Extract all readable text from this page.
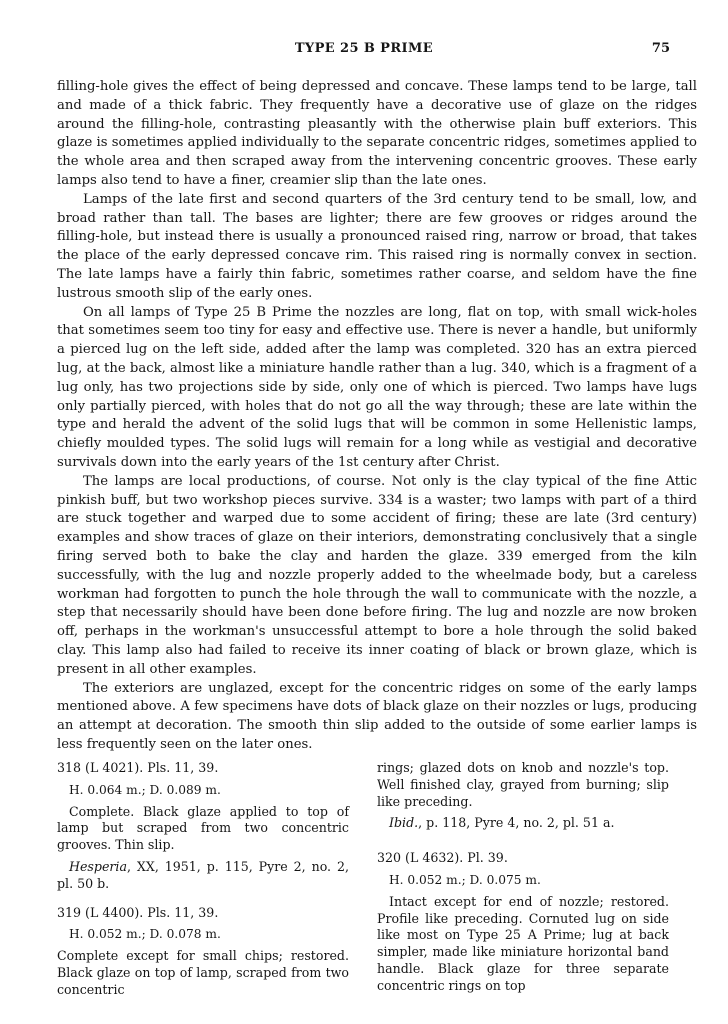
TYPE 25 B PRIME	75

filling-hole gives the effect of being depressed and concave. These lamps tend to be large, tall and made of a thick fabric. They frequently have a decorative use of glaze on the ridges around the filling-hole, contrasting pleasantly with the otherwise plain buff exteriors. This glaze is sometimes applied individually to the separate concentric ridges, sometimes applied to the whole area and then scraped away from the intervening concentric grooves. These early lamps also tend to have a finer, creamier slip than the late ones.

Lamps of the late first and second quarters of the 3rd century tend to be small, low, and broad rather than tall. The bases are lighter; there are few grooves or ridges around the filling-hole, but instead there is usually a pronounced raised ring, narrow or broad, that takes the place of the early depressed concave rim. This raised ring is normally convex in section. The late lamps have a fairly thin fabric, sometimes rather coarse, and seldom have the fine lustrous smooth slip of the early ones.

On all lamps of Type 25 B Prime the nozzles are long, flat on top, with small wick-holes that sometimes seem too tiny for easy and effective use. There is never a handle, but uniformly a pierced lug on the left side, added after the lamp was completed. 320 has an extra pierced lug, at the back, almost like a miniature handle rather than a lug. 340, which is a fragment of a lug only, has two projections side by side, only one of which is pierced. Two lamps have lugs only partially pierced, with holes that do not go all the way through; these are late within the type and herald the advent of the solid lugs that will be common in some Hellenistic lamps, chiefly moulded types. The solid lugs will remain for a long while as vestigial and decorative survivals down into the early years of the 1st century after Christ.

The lamps are local productions, of course. Not only is the clay typical of the fine Attic pinkish buff, but two workshop pieces survive. 334 is a waster; two lamps with part of a third are stuck together and warped due to some accident of firing; these are late (3rd century) examples and show traces of glaze on their interiors, demonstrating conclusively that a single firing served both to bake the clay and harden the glaze. 339 emerged from the kiln successfully, with the lug and nozzle properly added to the wheelmade body, but a careless workman had forgotten to punch the hole through the wall to communicate with the nozzle, a step that necessarily should have been done before firing. The lug and nozzle are now broken off, perhaps in the workman's unsuccessful attempt to bore a hole through the solid baked clay. This lamp also had failed to receive its inner coating of black or brown glaze, which is present in all other examples.

The exteriors are unglazed, except for the concentric ridges on some of the early lamps mentioned above. A few specimens have dots of black glaze on their nozzles or lugs, producing an attempt at decoration. The smooth thin slip added to the outside of some earlier lamps is less frequently seen on the later ones.

318 (L 4021). Pls. 11, 39.

H. 0.064 m.; D. 0.089 m.

Complete. Black glaze applied to top of lamp but scraped from two concentric grooves. Thin slip.

Hesperia, XX, 1951, p. 115, Pyre 2, no. 2, pl. 50 b.

319 (L 4400). Pls. 11, 39.

H. 0.052 m.; D. 0.078 m.

Complete except for small chips; restored. Black glaze on top of lamp, scraped from two concentric

rings; glazed dots on knob and nozzle's top. Well finished clay, grayed from burning; slip like preceding.

Ibid., p. 118, Pyre 4, no. 2, pl. 51 a.

320 (L 4632). Pl. 39.

H. 0.052 m.; D. 0.075 m.

Intact except for end of nozzle; restored. Profile like preceding. Cornuted lug on side like most on Type 25 A Prime; lug at back simpler, made like miniature horizontal band handle. Black glaze for three separate concentric rings on top
